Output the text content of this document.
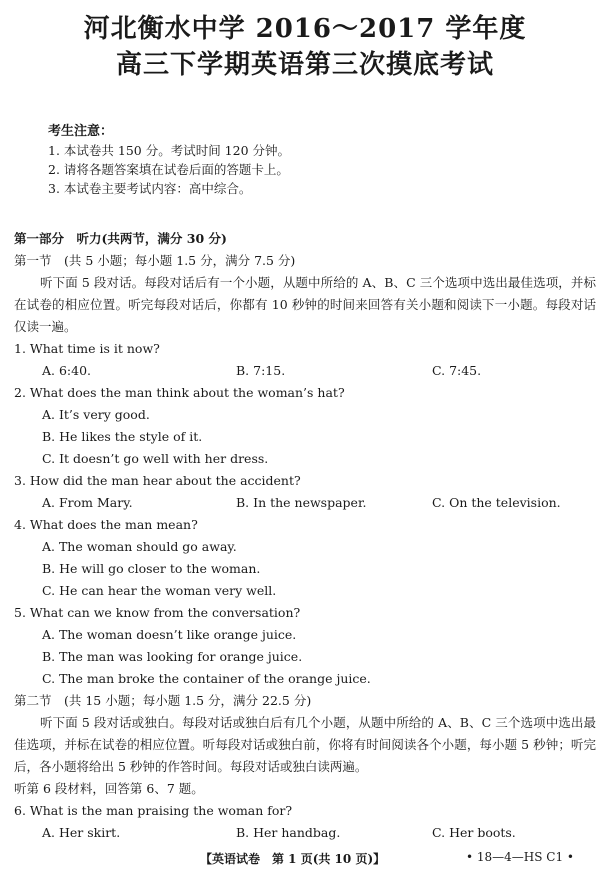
河北衡水中学 2016～2017 学年度
高三下学期英语第三次摸底考试
考生注意：
1. 本试卷共 150 分。考试时间 120 分钟。
2. 请将各题答案填在试卷后面的答题卡上。
3. 本试卷主要考试内容：高中综合。
第一部分　听力(共两节，满分 30 分)
第一节　(共 5 小题；每小题 1.5 分，满分 7.5 分)
听下面 5 段对话。每段对话后有一个小题，从题中所给的 A、B、C 三个选项中选出最佳选项，并标在试卷的相应位置。听完每段对话后，你都有 10 秒钟的时间来回答有关小题和阅读下一小题。每段对话仅读一遍。
1. What time is it now?
A. 6:40.	B. 7:15.	C. 7:45.
2. What does the man think about the woman’s hat?
A. It’s very good.
B. He likes the style of it.
C. It doesn’t go well with her dress.
3. How did the man hear about the accident?
A. From Mary.	B. In the newspaper.	C. On the television.
4. What does the man mean?
A. The woman should go away.
B. He will go closer to the woman.
C. He can hear the woman very well.
5. What can we know from the conversation?
A. The woman doesn’t like orange juice.
B. The man was looking for orange juice.
C. The man broke the container of the orange juice.
第二节　(共 15 小题；每小题 1.5 分，满分 22.5 分)
听下面 5 段对话或独白。每段对话或独白后有几个小题，从题中所给的 A、B、C 三个选项中选出最佳选项，并标在试卷的相应位置。听每段对话或独白前，你将有时间阅读各个小题，每小题 5 秒钟；听完后，各小题将给出 5 秒钟的作答时间。每段对话或独白读两遍。
听第 6 段材料，回答第 6、7 题。
6. What is the man praising the woman for?
A. Her skirt.	B. Her handbag.	C. Her boots.
【英语试卷　第 1 页(共 10 页)】	• 18—4—HS C1 •
